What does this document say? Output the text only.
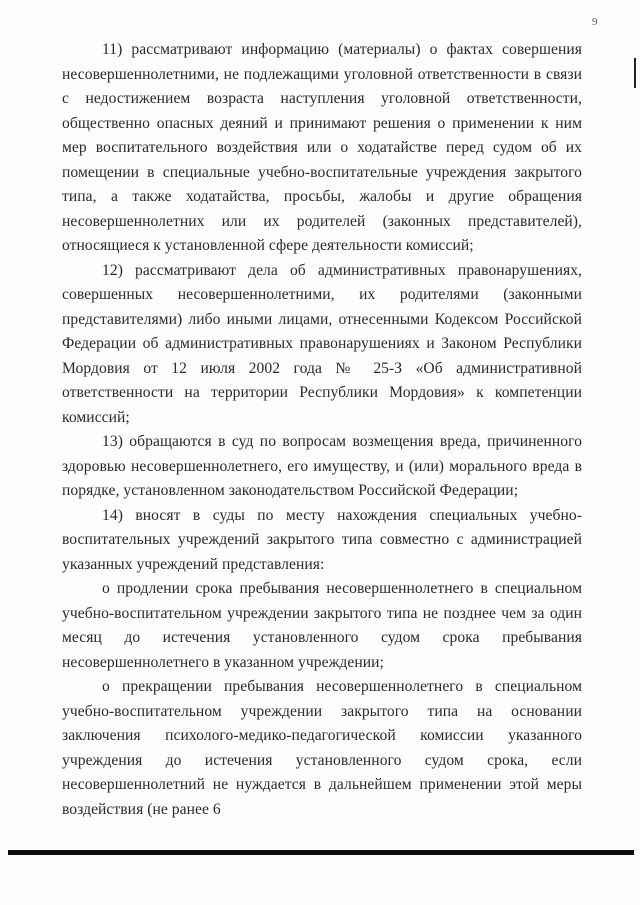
9

11) рассматривают информацию (материалы) о фактах совершения несовершеннолетними, не подлежащими уголовной ответственности в связи с недостижением возраста наступления уголовной ответственности, общественно опасных деяний и принимают решения о применении к ним мер воспитательного воздействия или о ходатайстве перед судом об их помещении в специальные учебно-воспитательные учреждения закрытого типа, а также ходатайства, просьбы, жалобы и другие обращения несовершеннолетних или их родителей (законных представителей), относящиеся к установленной сфере деятельности комиссий;

12) рассматривают дела об административных правонарушениях, совершенных несовершеннолетними, их родителями (законными представителями) либо иными лицами, отнесенными Кодексом Российской Федерации об административных правонарушениях и Законом Республики Мордовия от 12 июля 2002 года № 25-З «Об административной ответственности на территории Республики Мордовия» к компетенции комиссий;

13) обращаются в суд по вопросам возмещения вреда, причиненного здоровью несовершеннолетнего, его имуществу, и (или) морального вреда в порядке, установленном законодательством Российской Федерации;

14) вносят в суды по месту нахождения специальных учебно-воспитательных учреждений закрытого типа совместно с администрацией указанных учреждений представления:

о продлении срока пребывания несовершеннолетнего в специальном учебно-воспитательном учреждении закрытого типа не позднее чем за один месяц до истечения установленного судом срока пребывания несовершеннолетнего в указанном учреждении;

о прекращении пребывания несовершеннолетнего в специальном учебно-воспитательном учреждении закрытого типа на основании заключения психолого-медико-педагогической комиссии указанного учреждения до истечения установленного судом срока, если несовершеннолетний не нуждается в дальнейшем применении этой меры воздействия (не ранее 6
